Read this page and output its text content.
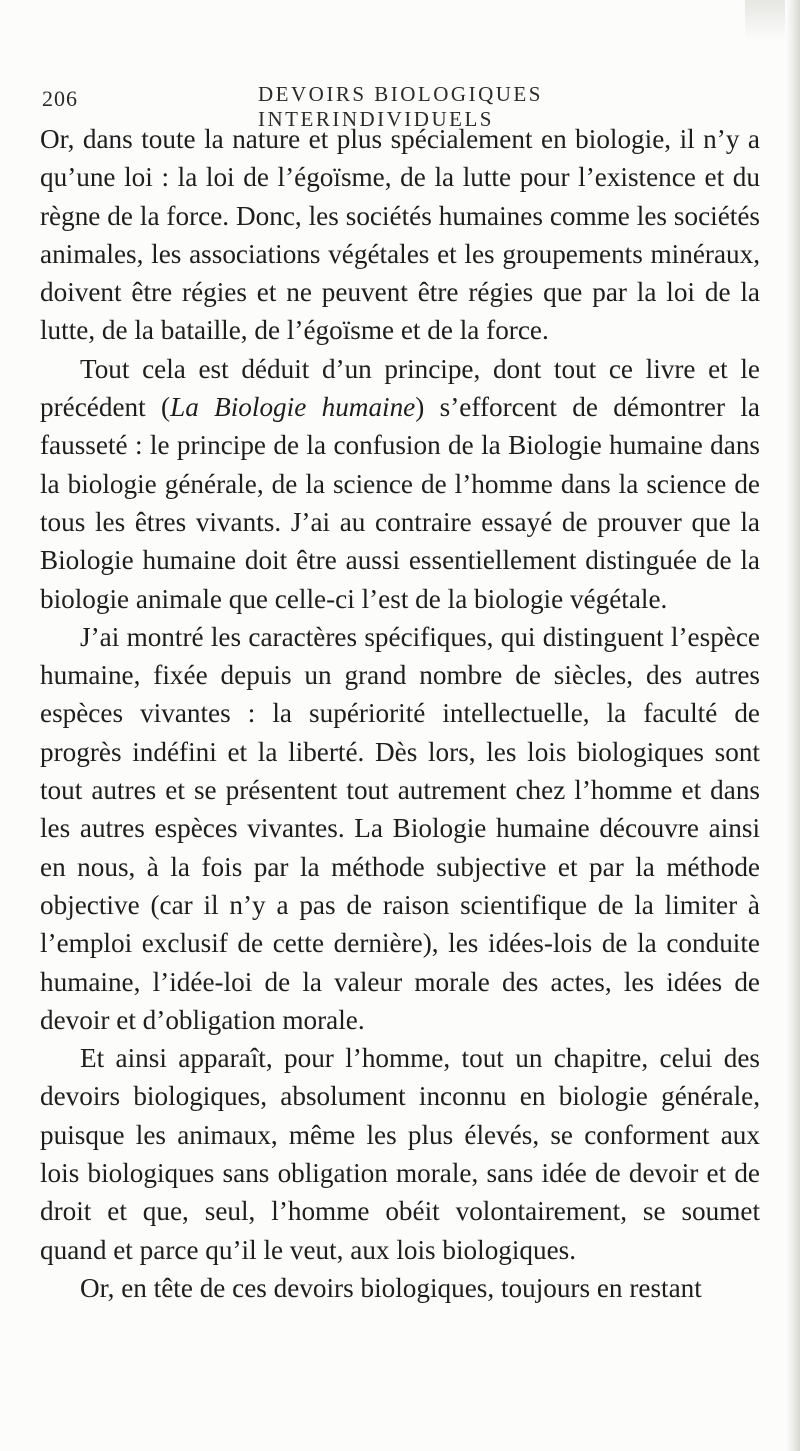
206	DEVOIRS BIOLOGIQUES INTERINDIVIDUELS

Or, dans toute la nature et plus spécialement en biologie, il n’y a qu’une loi : la loi de l’égoïsme, de la lutte pour l’existence et du règne de la force. Donc, les sociétés humaines comme les sociétés animales, les associations végétales et les groupements minéraux, doivent être régies et ne peuvent être régies que par la loi de la lutte, de la bataille, de l’égoïsme et de la force.

Tout cela est déduit d’un principe, dont tout ce livre et le précédent (La Biologie humaine) s’efforcent de démontrer la fausseté : le principe de la confusion de la Biologie humaine dans la biologie générale, de la science de l’homme dans la science de tous les êtres vivants. J’ai au contraire essayé de prouver que la Biologie humaine doit être aussi essentiellement distinguée de la biologie animale que celle-ci l’est de la biologie végétale.

J’ai montré les caractères spécifiques, qui distinguent l’espèce humaine, fixée depuis un grand nombre de siècles, des autres espèces vivantes : la supériorité intellectuelle, la faculté de progrès indéfini et la liberté. Dès lors, les lois biologiques sont tout autres et se présentent tout autrement chez l’homme et dans les autres espèces vivantes. La Biologie humaine découvre ainsi en nous, à la fois par la méthode subjective et par la méthode objective (car il n’y a pas de raison scientifique de la limiter à l’emploi exclusif de cette dernière), les idées-lois de la conduite humaine, l’idée-loi de la valeur morale des actes, les idées de devoir et d’obligation morale.

Et ainsi apparaît, pour l’homme, tout un chapitre, celui des devoirs biologiques, absolument inconnu en biologie générale, puisque les animaux, même les plus élevés, se conforment aux lois biologiques sans obligation morale, sans idée de devoir et de droit et que, seul, l’homme obéit volontairement, se soumet quand et parce qu’il le veut, aux lois biologiques.

Or, en tête de ces devoirs biologiques, toujours en restant
